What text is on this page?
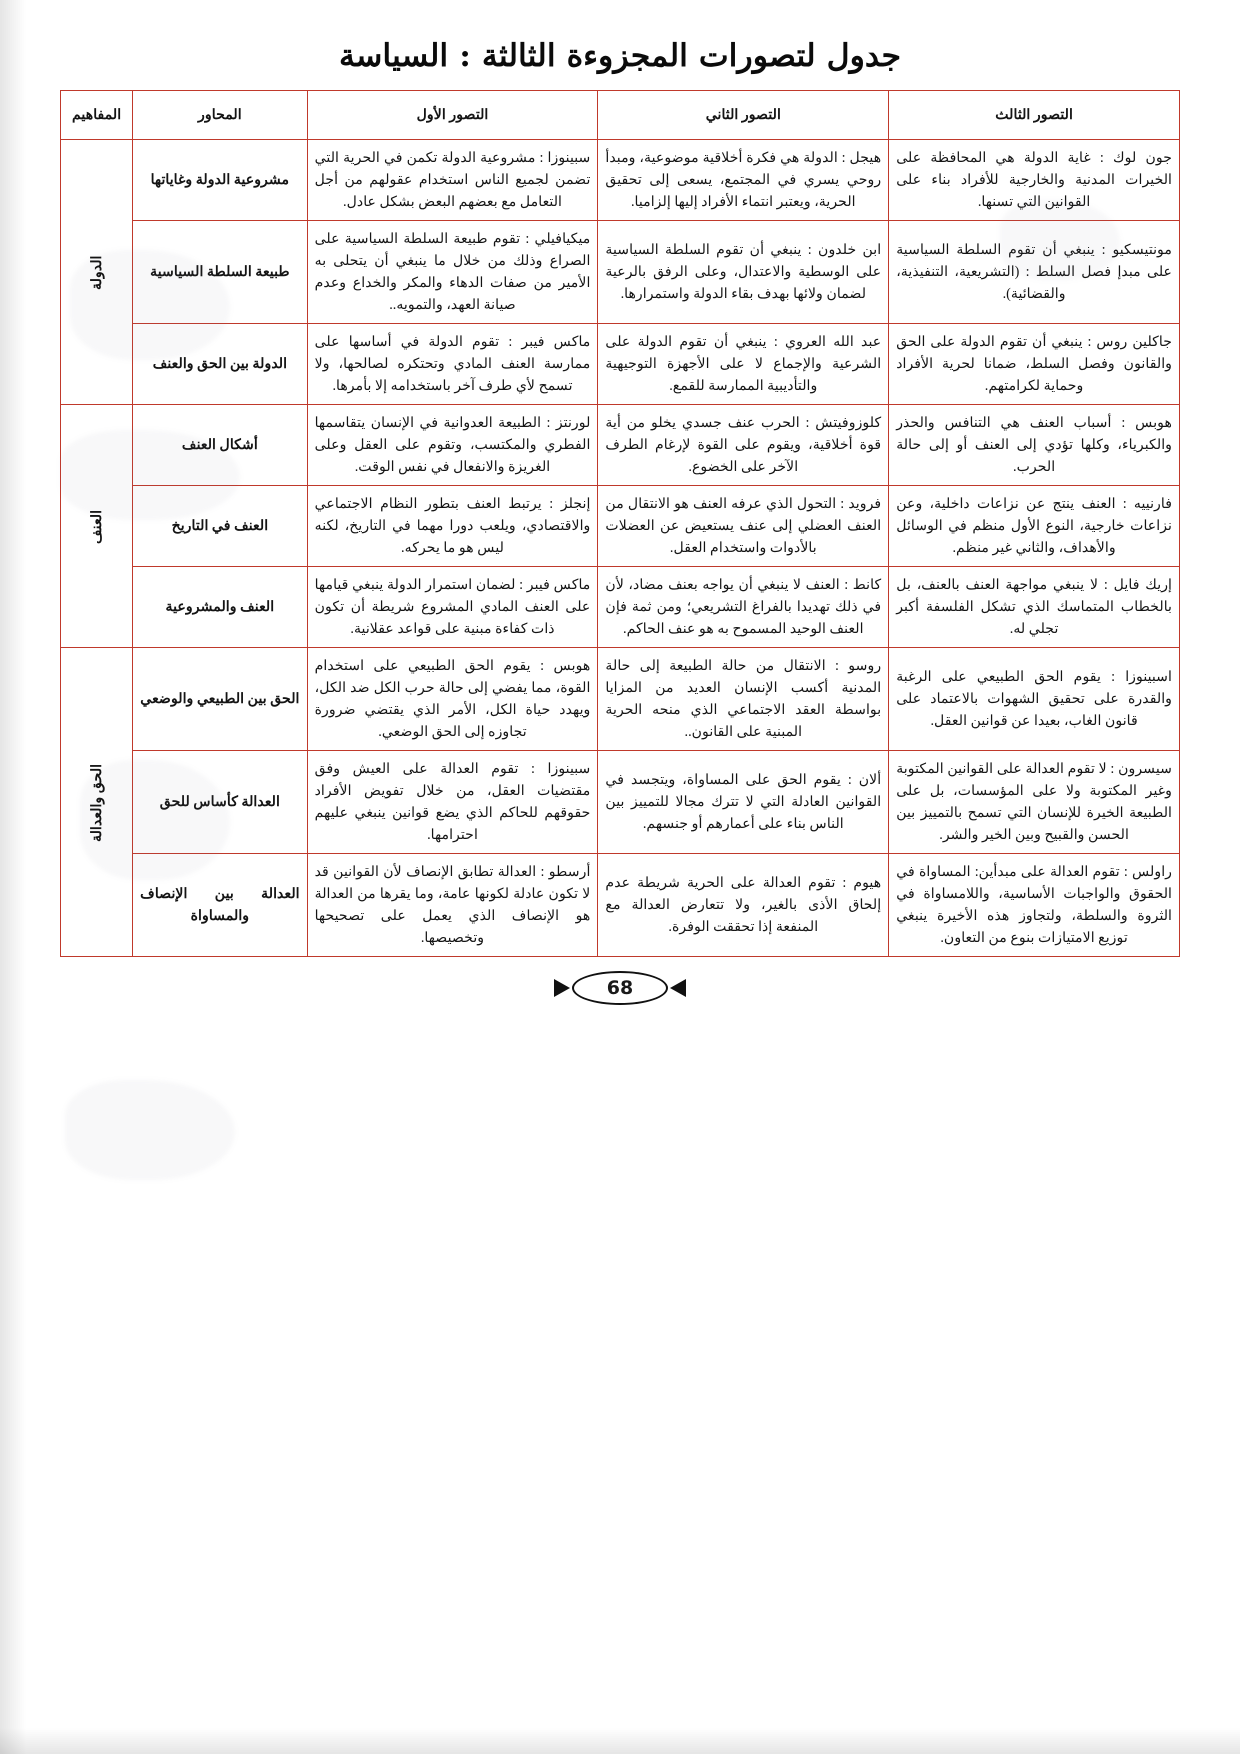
جدول لتصورات المجزوءة الثالثة : السياسة
التصور الثالث	التصور الثاني	التصور الأول	المحاور	المفاهيم
جون لوك : غاية الدولة هي المحافظة على الخيرات المدنية والخارجية للأفراد بناء على القوانين التي تسنها.	هيجل : الدولة هي فكرة أخلاقية موضوعية، ومبدأ روحي يسري في المجتمع، يسعى إلى تحقيق الحرية، ويعتبر انتماء الأفراد إليها إلزاميا.	سبينوزا : مشروعية الدولة تكمن في الحرية التي تضمن لجميع الناس استخدام عقولهم من أجل التعامل مع بعضهم البعض بشكل عادل.	مشروعية الدولة وغاياتها	الدولة
مونتيسكيو : ينبغي أن تقوم السلطة السياسية على مبدإ فصل السلط : (التشريعية، التنفيذية، والقضائية).	ابن خلدون : ينبغي أن تقوم السلطة السياسية على الوسطية والاعتدال، وعلى الرفق بالرعية لضمان ولائها بهدف بقاء الدولة واستمرارها.	ميكيافيلي : تقوم طبيعة السلطة السياسية على الصراع وذلك من خلال ما ينبغي أن يتحلى به الأمير من صفات الدهاء والمكر والخداع وعدم صيانة العهد، والتمويه..	طبيعة السلطة السياسية	
جاكلين روس : ينبغي أن تقوم الدولة على الحق والقانون وفصل السلط، ضمانا لحرية الأفراد وحماية لكرامتهم.	عبد الله العروي : ينبغي أن تقوم الدولة على الشرعية والإجماع لا على الأجهزة التوجيهية والتأديبية الممارسة للقمع.	ماكس فيبر : تقوم الدولة في أساسها على ممارسة العنف المادي وتحتكره لصالحها، ولا تسمح لأي طرف آخر باستخدامه إلا بأمرها.	الدولة بين الحق والعنف	
هوبس : أسباب العنف هي التنافس والحذر والكبرياء، وكلها تؤدي إلى العنف أو إلى حالة الحرب.	كلوزوفيتش : الحرب عنف جسدي يخلو من أية قوة أخلاقية، ويقوم على القوة لإرغام الطرف الآخر على الخضوع.	لورنتز : الطبيعة العدوانية في الإنسان يتقاسمها الفطري والمكتسب، وتقوم على العقل وعلى الغريزة والانفعال في نفس الوقت.	أشكال العنف	العنف
فارنييه : العنف ينتج عن نزاعات داخلية، وعن نزاعات خارجية، النوع الأول منظم في الوسائل والأهداف، والثاني غير منظم.	فرويد : التحول الذي عرفه العنف هو الانتقال من العنف العضلي إلى عنف يستعيض عن العضلات بالأدوات واستخدام العقل.	إنجلز : يرتبط العنف بتطور النظام الاجتماعي والاقتصادي، ويلعب دورا مهما في التاريخ، لكنه ليس هو ما يحركه.	العنف في التاريخ	
إريك فايل : لا ينبغي مواجهة العنف بالعنف، بل بالخطاب المتماسك الذي تشكل الفلسفة أكبر تجلي له.	كانط : العنف لا ينبغي أن يواجه بعنف مضاد، لأن في ذلك تهديدا بالفراغ التشريعي؛ ومن ثمة فإن العنف الوحيد المسموح به هو عنف الحاكم.	ماكس فيبر : لضمان استمرار الدولة ينبغي قيامها على العنف المادي المشروع شريطة أن تكون ذات كفاءة مبنية على قواعد عقلانية.	العنف والمشروعية	
اسبينوزا : يقوم الحق الطبيعي على الرغبة والقدرة على تحقيق الشهوات بالاعتماد على قانون الغاب، بعيدا عن قوانين العقل.	روسو : الانتقال من حالة الطبيعة إلى حالة المدنية أكسب الإنسان العديد من المزايا بواسطة العقد الاجتماعي الذي منحه الحرية المبنية على القانون..	هوبس : يقوم الحق الطبيعي على استخدام القوة، مما يفضي إلى حالة حرب الكل ضد الكل، ويهدد حياة الكل، الأمر الذي يقتضي ضرورة تجاوزه إلى الحق الوضعي.	الحق بين الطبيعي والوضعي	الحق والعدالة
سيسرون : لا تقوم العدالة على القوانين المكتوبة وغير المكتوبة ولا على المؤسسات، بل على الطبيعة الخيرة للإنسان التي تسمح بالتمييز بين الحسن والقبيح وبين الخير والشر.	ألان : يقوم الحق على المساواة، ويتجسد في القوانين العادلة التي لا تترك مجالا للتمييز بين الناس بناء على أعمارهم أو جنسهم.	سبينوزا : تقوم العدالة على العيش وفق مقتضيات العقل، من خلال تفويض الأفراد حقوقهم للحاكم الذي يضع قوانين ينبغي عليهم احترامها.	العدالة كأساس للحق	
راولس : تقوم العدالة على مبدأين: المساواة في الحقوق والواجبات الأساسية، واللامساواة في الثروة والسلطة، ولتجاوز هذه الأخيرة ينبغي توزيع الامتيازات بنوع من التعاون.	هيوم : تقوم العدالة على الحرية شريطة عدم إلحاق الأذى بالغير، ولا تتعارض العدالة مع المنفعة إذا تحققت الوفرة.	أرسطو : العدالة تطابق الإنصاف لأن القوانين قد لا تكون عادلة لكونها عامة، وما يقرها من العدالة هو الإنصاف الذي يعمل على تصحيحها وتخصيصها.	العدالة بين الإنصاف والمساواة	
68
